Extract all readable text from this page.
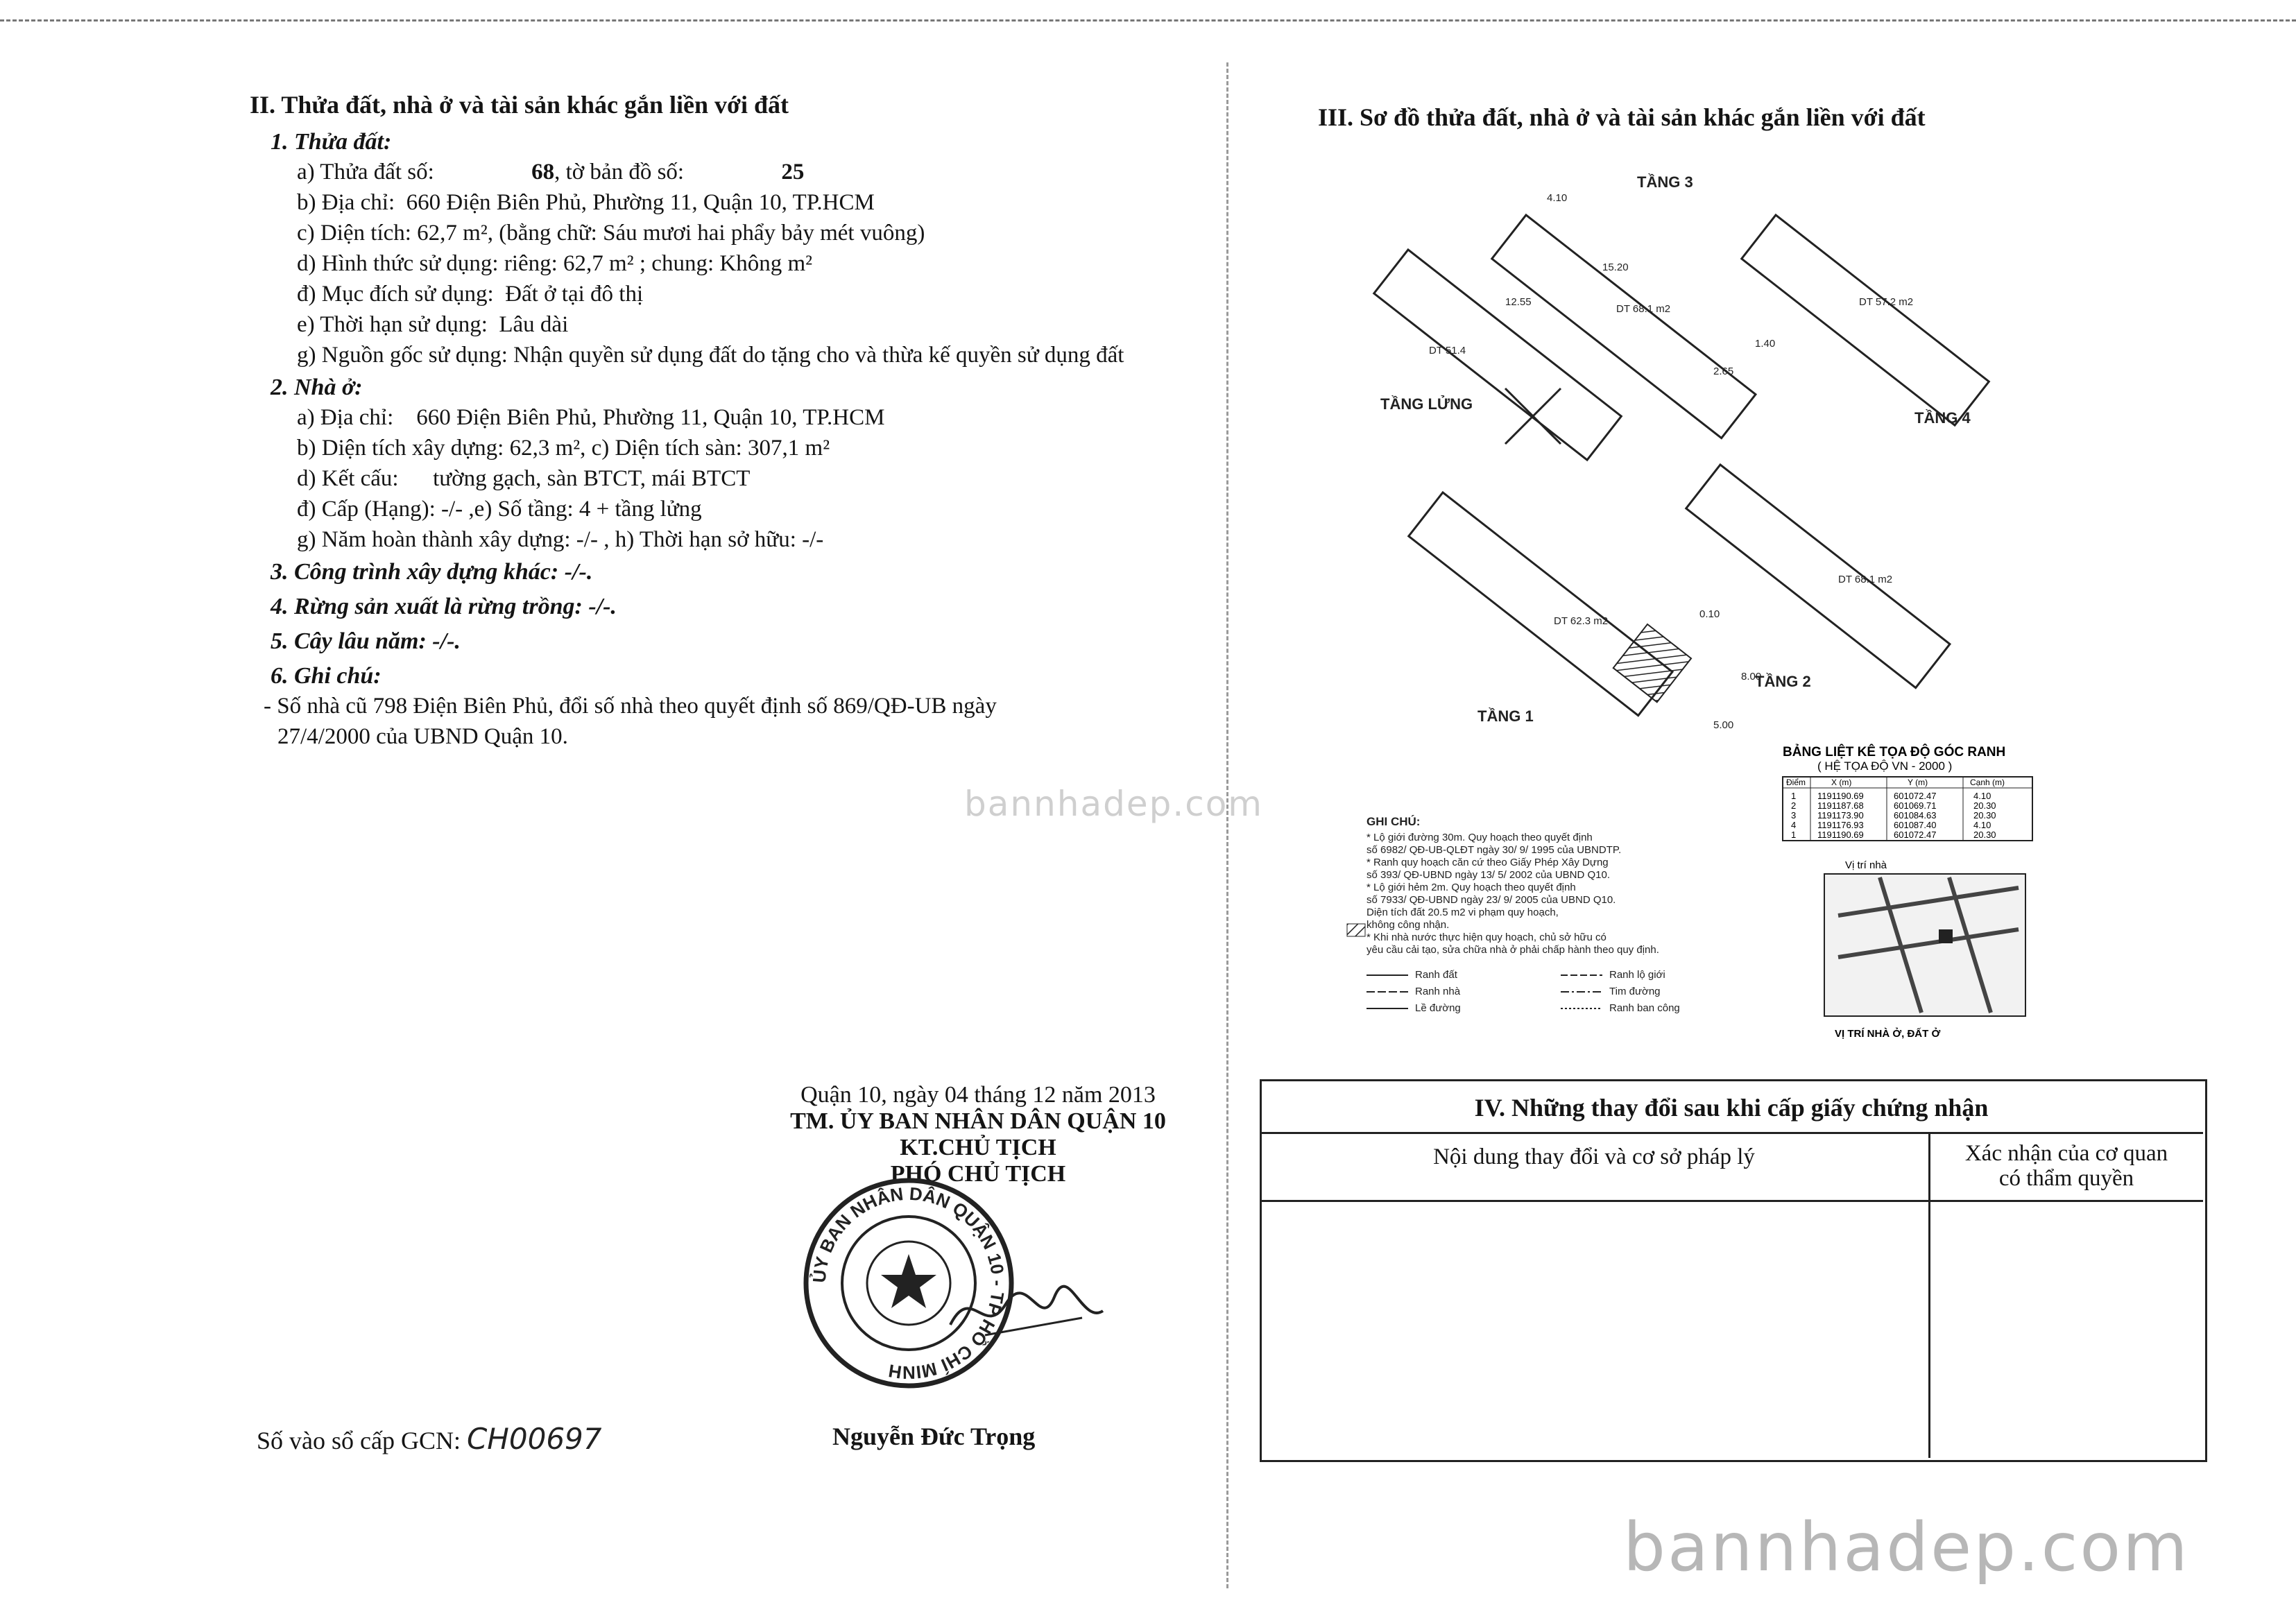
II. Thửa đất, nhà ở và tài sản khác gắn liền với đất
1. Thửa đất:
a) Thửa đất số:	68, tờ bản đồ số:	25
b) Địa chỉ: 660 Điện Biên Phủ, Phường 11, Quận 10, TP.HCM
c) Diện tích: 62,7 m², (bằng chữ: Sáu mươi hai phẩy bảy mét vuông)
d) Hình thức sử dụng: riêng: 62,7 m² ; chung: Không m²
đ) Mục đích sử dụng: Đất ở tại đô thị
e) Thời hạn sử dụng: Lâu dài
g) Nguồn gốc sử dụng: Nhận quyền sử dụng đất do tặng cho và thừa kế quyền sử dụng đất
2. Nhà ở:
a) Địa chỉ: 660 Điện Biên Phủ, Phường 11, Quận 10, TP.HCM
b) Diện tích xây dựng: 62,3 m², c) Diện tích sàn: 307,1 m²
d) Kết cấu: tường gạch, sàn BTCT, mái BTCT
đ) Cấp (Hạng): -/- ,e) Số tầng: 4 + tầng lửng
g) Năm hoàn thành xây dựng: -/- , h) Thời hạn sở hữu: -/-
3. Công trình xây dựng khác: -/-.
4. Rừng sản xuất là rừng trồng: -/-.
5. Cây lâu năm: -/-.
6. Ghi chú:
- Số nhà cũ 798 Điện Biên Phủ, đổi số nhà theo quyết định số 869/QĐ-UB ngày
27/4/2000 của UBND Quận 10.
Quận 10, ngày 04 tháng 12 năm 2013
TM. ỦY BAN NHÂN DÂN QUẬN 10
KT.CHỦ TỊCH
PHÓ CHỦ TỊCH
ỦY BAN NHÂN DÂN QUẬN 10 - TP HỒ CHÍ MINH
Số vào sổ cấp GCN: CH00697	Nguyễn Đức Trọng
III. Sơ đồ thửa đất, nhà ở và tài sản khác gắn liền với đất
TẦNG 3
TẦNG LỬNG
TẦNG 4
TẦNG 2
TẦNG 1
DT 68.1 m2
DT 57.2 m2
DT 68.1 m2
DT 62.3 m2
DT 51.4
15.20
12.55
4.10
2.65
1.40
5.00
8.00
0.10
BẢNG LIỆT KÊ TỌA ĐỘ GÓC RANH
( HỆ TỌA ĐỘ VN - 2000 )
Điểm	X (m)	Y (m)	Cạnh (m)
1 1191190.69	601072.47	4.10
2 1191187.68	601069.71	20.30
3 1191173.90	601084.63	20.30
4 1191176.93	601087.40	4.10
1 1191190.69	601072.47	20.30
GHI CHÚ:
* Lộ giới đường 30m. Quy hoạch theo quyết định
số 6982/ QĐ-UB-QLĐT ngày 30/ 9/ 1995 của UBNDTP.
* Ranh quy hoạch căn cứ theo Giấy Phép Xây Dựng
số 393/ QĐ-UBND ngày 13/ 5/ 2002 của UBND Q10.
* Lộ giới hẻm 2m. Quy hoạch theo quyết định
số 7933/ QĐ-UBND ngày 23/ 9/ 2005 của UBND Q10.
Diện tích đất 20.5 m2 vi phạm quy hoạch,
không công nhận.
* Khi nhà nước thực hiện quy hoạch, chủ sở hữu có
yêu cầu cải tạo, sửa chữa nhà ở phải chấp hành theo quy định.
Ranh đất	Ranh lộ giới
Ranh nhà	Tim đường
Lề đường	Ranh ban công
Vị trí nhà
VỊ TRÍ NHÀ Ở, ĐẤT Ở
IV. Những thay đổi sau khi cấp giấy chứng nhận
Nội dung thay đổi và cơ sở pháp lý	Xác nhận của cơ quan
có thẩm quyền
bannhadep.com
bannhadep.com
